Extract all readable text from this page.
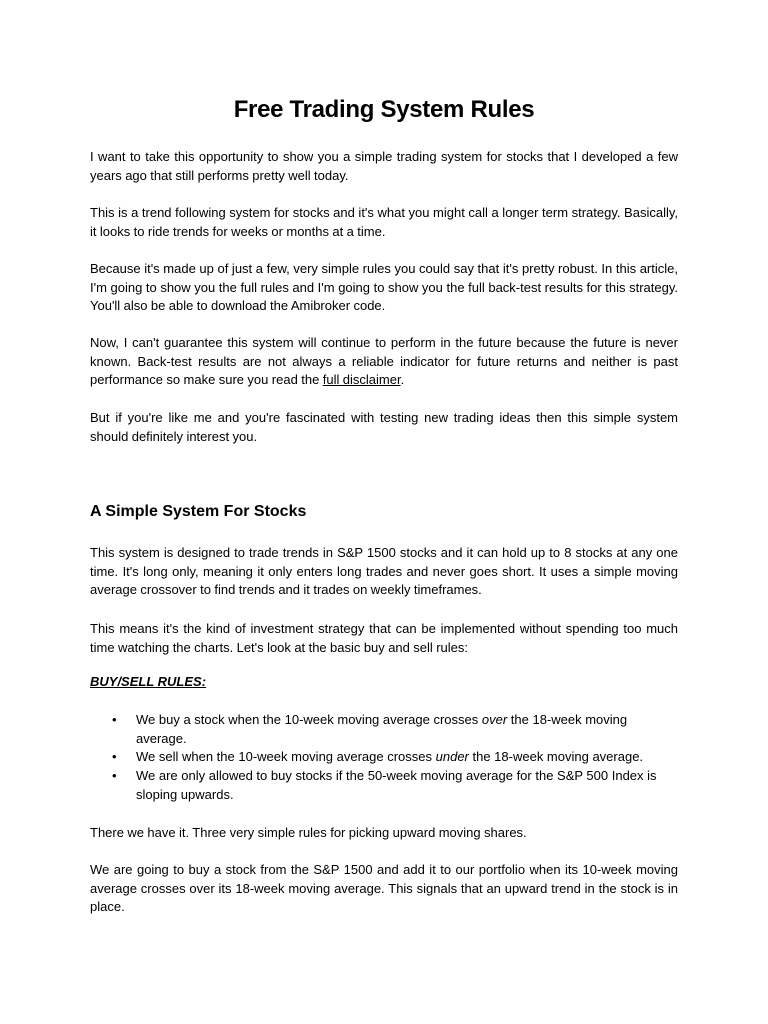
Free Trading System Rules

I want to take this opportunity to show you a simple trading system for stocks that I developed a few years ago that still performs pretty well today.

This is a trend following system for stocks and it's what you might call a longer term strategy. Basically, it looks to ride trends for weeks or months at a time.

Because it's made up of just a few, very simple rules you could say that it's pretty robust. In this article, I'm going to show you the full rules and I'm going to show you the full back-test results for this strategy. You'll also be able to download the Amibroker code.

Now, I can't guarantee this system will continue to perform in the future because the future is never known. Back-test results are not always a reliable indicator for future returns and neither is past performance so make sure you read the full disclaimer.

But if you're like me and you're fascinated with testing new trading ideas then this simple system should definitely interest you.

A Simple System For Stocks

This system is designed to trade trends in S&P 1500 stocks and it can hold up to 8 stocks at any one time. It's long only, meaning it only enters long trades and never goes short. It uses a simple moving average crossover to find trends and it trades on weekly timeframes.

This means it's the kind of investment strategy that can be implemented without spending too much time watching the charts. Let's look at the basic buy and sell rules:

BUY/SELL RULES:

• We buy a stock when the 10-week moving average crosses over the 18-week moving average.
• We sell when the 10-week moving average crosses under the 18-week moving average.
• We are only allowed to buy stocks if the 50-week moving average for the S&P 500 Index is sloping upwards.

There we have it. Three very simple rules for picking upward moving shares.

We are going to buy a stock from the S&P 1500 and add it to our portfolio when its 10-week moving average crosses over its 18-week moving average. This signals that an upward trend in the stock is in place.
